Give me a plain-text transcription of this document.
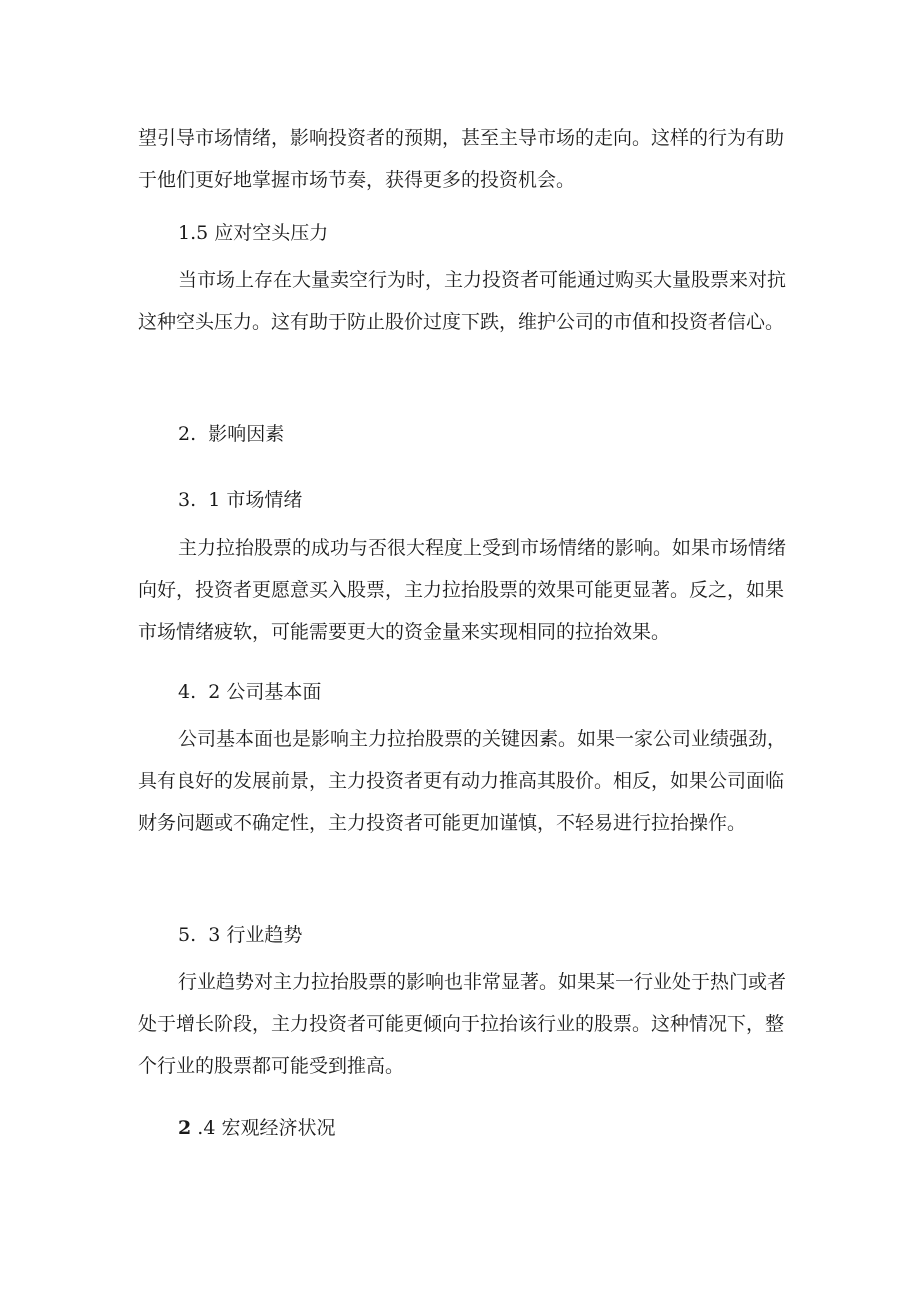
望引导市场情绪，影响投资者的预期，甚至主导市场的走向。这样的行为有助于他们更好地掌握市场节奏，获得更多的投资机会。
1.5 应对空头压力
当市场上存在大量卖空行为时，主力投资者可能通过购买大量股票来对抗这种空头压力。这有助于防止股价过度下跌，维护公司的市值和投资者信心。
2.  影响因素
3.  1 市场情绪
主力拉抬股票的成功与否很大程度上受到市场情绪的影响。如果市场情绪向好，投资者更愿意买入股票，主力拉抬股票的效果可能更显著。反之，如果市场情绪疲软，可能需要更大的资金量来实现相同的拉抬效果。
4.  2 公司基本面
公司基本面也是影响主力拉抬股票的关键因素。如果一家公司业绩强劲，具有良好的发展前景，主力投资者更有动力推高其股价。相反，如果公司面临财务问题或不确定性，主力投资者可能更加谨慎，不轻易进行拉抬操作。
5.  3 行业趋势
行业趋势对主力拉抬股票的影响也非常显著。如果某一行业处于热门或者处于增长阶段，主力投资者可能更倾向于拉抬该行业的股票。这种情况下，整个行业的股票都可能受到推高。
2 .4 宏观经济状况
